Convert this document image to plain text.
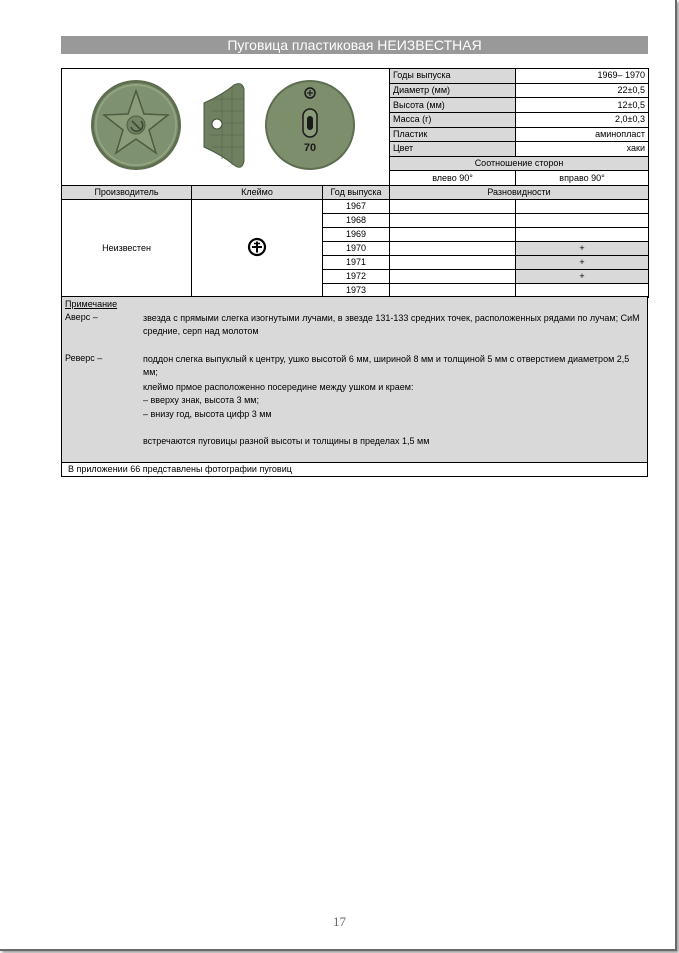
Пуговица пластиковая НЕИЗВЕСТНАЯ
70			Годы выпуска	1969– 1970
			Диаметр (мм)	22±0,5
			Высота (мм)	12±0,5
			Масса (г)	2,0±0,3
			Пластик	аминопласт
			Цвет	хаки
			Соотношение сторон	
			влево 90°	вправо 90°
Производитель	Клеймо	Год выпуска	Разновидности	
Неизвестен		1967		
		1968		
		1969		
		1970		+
		1971		+
		1972		+
		1973		
Примечание
Аверс –	звезда с прямыми слегка изогнутыми лучами, в звезде 131-133 средних точек, расположенных рядами по лучам; СиМ средние, серп над молотом
Реверс –	поддон слегка выпуклый к центру, ушко высотой 6 мм, шириной 8 мм и толщиной 5 мм с отверстием диаметром 2,5 мм;
клеймо прмое расположенно посередине между ушком и краем:
– вверху знак, высота 3 мм;
– внизу год, высота цифр 3 мм
встречаются пуговицы разной высоты и толщины в пределах 1,5 мм
В приложении 66 представлены фотографии пуговиц
17
